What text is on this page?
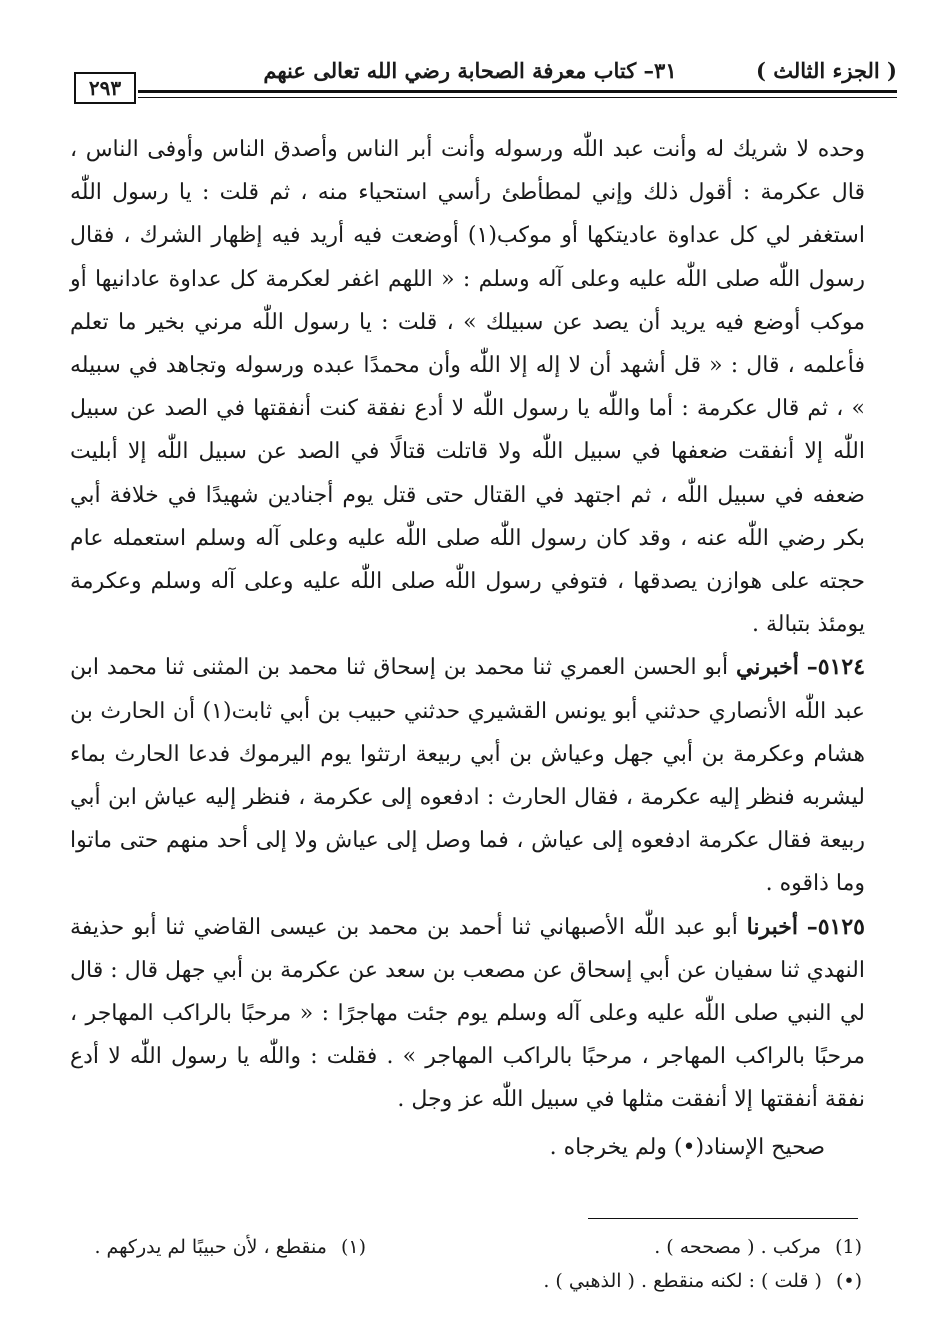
( الجزء الثالث )
٣١– كتاب معرفة الصحابة رضي الله تعالى عنهم
٢٩٣

وحده لا شريك له وأنت عبد اللّٰه ورسوله وأنت أبر الناس وأصدق الناس وأوفى الناس ، قال عكرمة : أقول ذلك وإني لمطأطئ رأسي استحياء منه ، ثم قلت : يا رسول اللّٰه استغفر لي كل عداوة عاديتكها أو موكب(١) أوضعت فيه أريد فيه إظهار الشرك ، فقال رسول اللّٰه صلى اللّٰه عليه وعلى آله وسلم : « اللهم اغفر لعكرمة كل عداوة عادانيها أو موكب أوضع فيه يريد أن يصد عن سبيلك » ، قلت : يا رسول اللّٰه مرني بخير ما تعلم فأعلمه ، قال : « قل أشهد أن لا إله إلا اللّٰه وأن محمدًا عبده ورسوله وتجاهد في سبيله » ، ثم قال عكرمة : أما واللّٰه يا رسول اللّٰه لا أدع نفقة كنت أنفقتها في الصد عن سبيل اللّٰه إلا أنفقت ضعفها في سبيل اللّٰه ولا قاتلت قتالًا في الصد عن سبيل اللّٰه إلا أبليت ضعفه في سبيل اللّٰه ، ثم اجتهد في القتال حتى قتل يوم أجنادين شهيدًا في خلافة أبي بكر رضي اللّٰه عنه ، وقد كان رسول اللّٰه صلى اللّٰه عليه وعلى آله وسلم استعمله عام حجته على هوازن يصدقها ، فتوفي رسول اللّٰه صلى اللّٰه عليه وعلى آله وسلم وعكرمة يومئذ بتبالة .

٥١٢٤– أخبرني أبو الحسن العمري ثنا محمد بن إسحاق ثنا محمد بن المثنى ثنا محمد ابن عبد اللّٰه الأنصاري حدثني أبو يونس القشيري حدثني حبيب بن أبي ثابت(١) أن الحارث بن هشام وعكرمة بن أبي جهل وعياش بن أبي ربيعة ارتثوا يوم اليرموك فدعا الحارث بماء ليشربه فنظر إليه عكرمة ، فقال الحارث : ادفعوه إلى عكرمة ، فنظر إليه عياش ابن أبي ربيعة فقال عكرمة ادفعوه إلى عياش ، فما وصل إلى عياش ولا إلى أحد منهم حتى ماتوا وما ذاقوه .

٥١٢٥– أخبرنا أبو عبد اللّٰه الأصبهاني ثنا أحمد بن محمد بن عيسى القاضي ثنا أبو حذيفة النهدي ثنا سفيان عن أبي إسحاق عن مصعب بن سعد عن عكرمة بن أبي جهل قال : قال لي النبي صلى اللّٰه عليه وعلى آله وسلم يوم جئت مهاجرًا : « مرحبًا بالراكب المهاجر ، مرحبًا بالراكب المهاجر ، مرحبًا بالراكب المهاجر » . فقلت : واللّٰه يا رسول اللّٰه لا أدع نفقة أنفقتها إلا أنفقت مثلها في سبيل اللّٰه عز وجل .

صحيح الإسناد(•) ولم يخرجاه .

(١)منقطع ، لأن حبيبًا لم يدركهم .	(1)مركب . ( مصححه ) .
(•)( قلت ) : لكنه منقطع . ( الذهبي ) .
